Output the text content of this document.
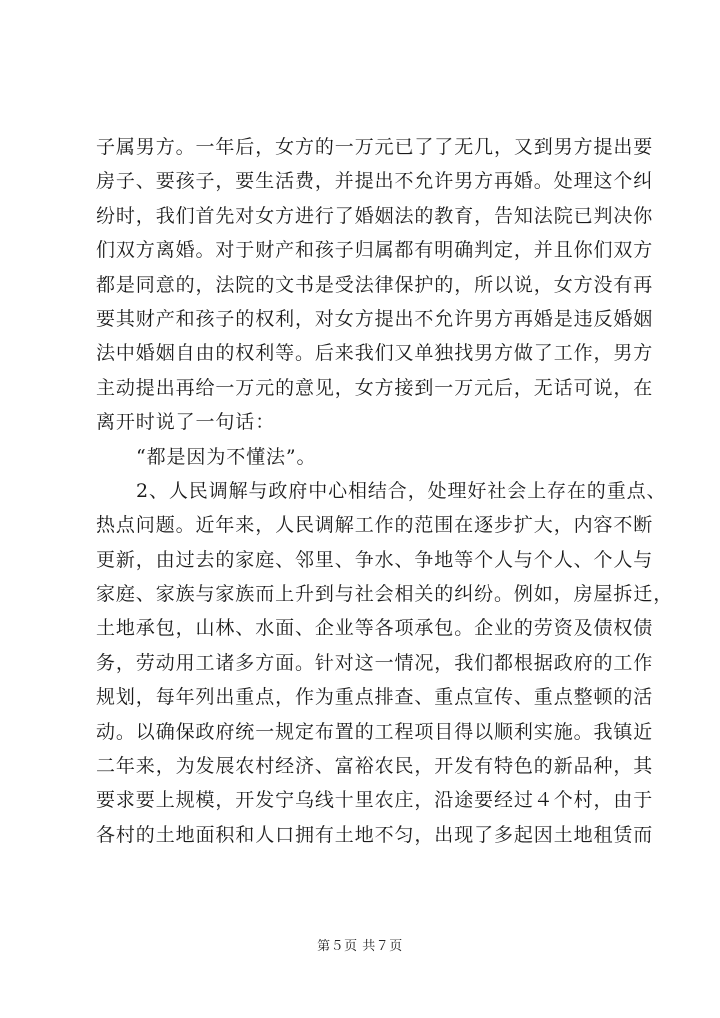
子属男方。一年后，女方的一万元已了了无几，又到男方提出要
房子、要孩子，要生活费，并提出不允许男方再婚。处理这个纠
纷时，我们首先对女方进行了婚姻法的教育，告知法院已判决你
们双方离婚。对于财产和孩子归属都有明确判定，并且你们双方
都是同意的，法院的文书是受法律保护的，所以说，女方没有再
要其财产和孩子的权利，对女方提出不允许男方再婚是违反婚姻
法中婚姻自由的权利等。后来我们又单独找男方做了工作，男方
主动提出再给一万元的意见，女方接到一万元后，无话可说，在
离开时说了一句话：
“都是因为不懂法”。
2、人民调解与政府中心相结合，处理好社会上存在的重点、
热点问题。近年来，人民调解工作的范围在逐步扩大，内容不断
更新，由过去的家庭、邻里、争水、争地等个人与个人、个人与
家庭、家族与家族而上升到与社会相关的纠纷。例如，房屋拆迁，
土地承包，山林、水面、企业等各项承包。企业的劳资及债权债
务，劳动用工诸多方面。针对这一情况，我们都根据政府的工作
规划，每年列出重点，作为重点排查、重点宣传、重点整顿的活
动。以确保政府统一规定布置的工程项目得以顺利实施。我镇近
二年来，为发展农村经济、富裕农民，开发有特色的新品种，其
要求要上规模，开发宁乌线十里农庄，沿途要经过４个村，由于
各村的土地面积和人口拥有土地不匀，出现了多起因土地租赁而
第５页 共７页
